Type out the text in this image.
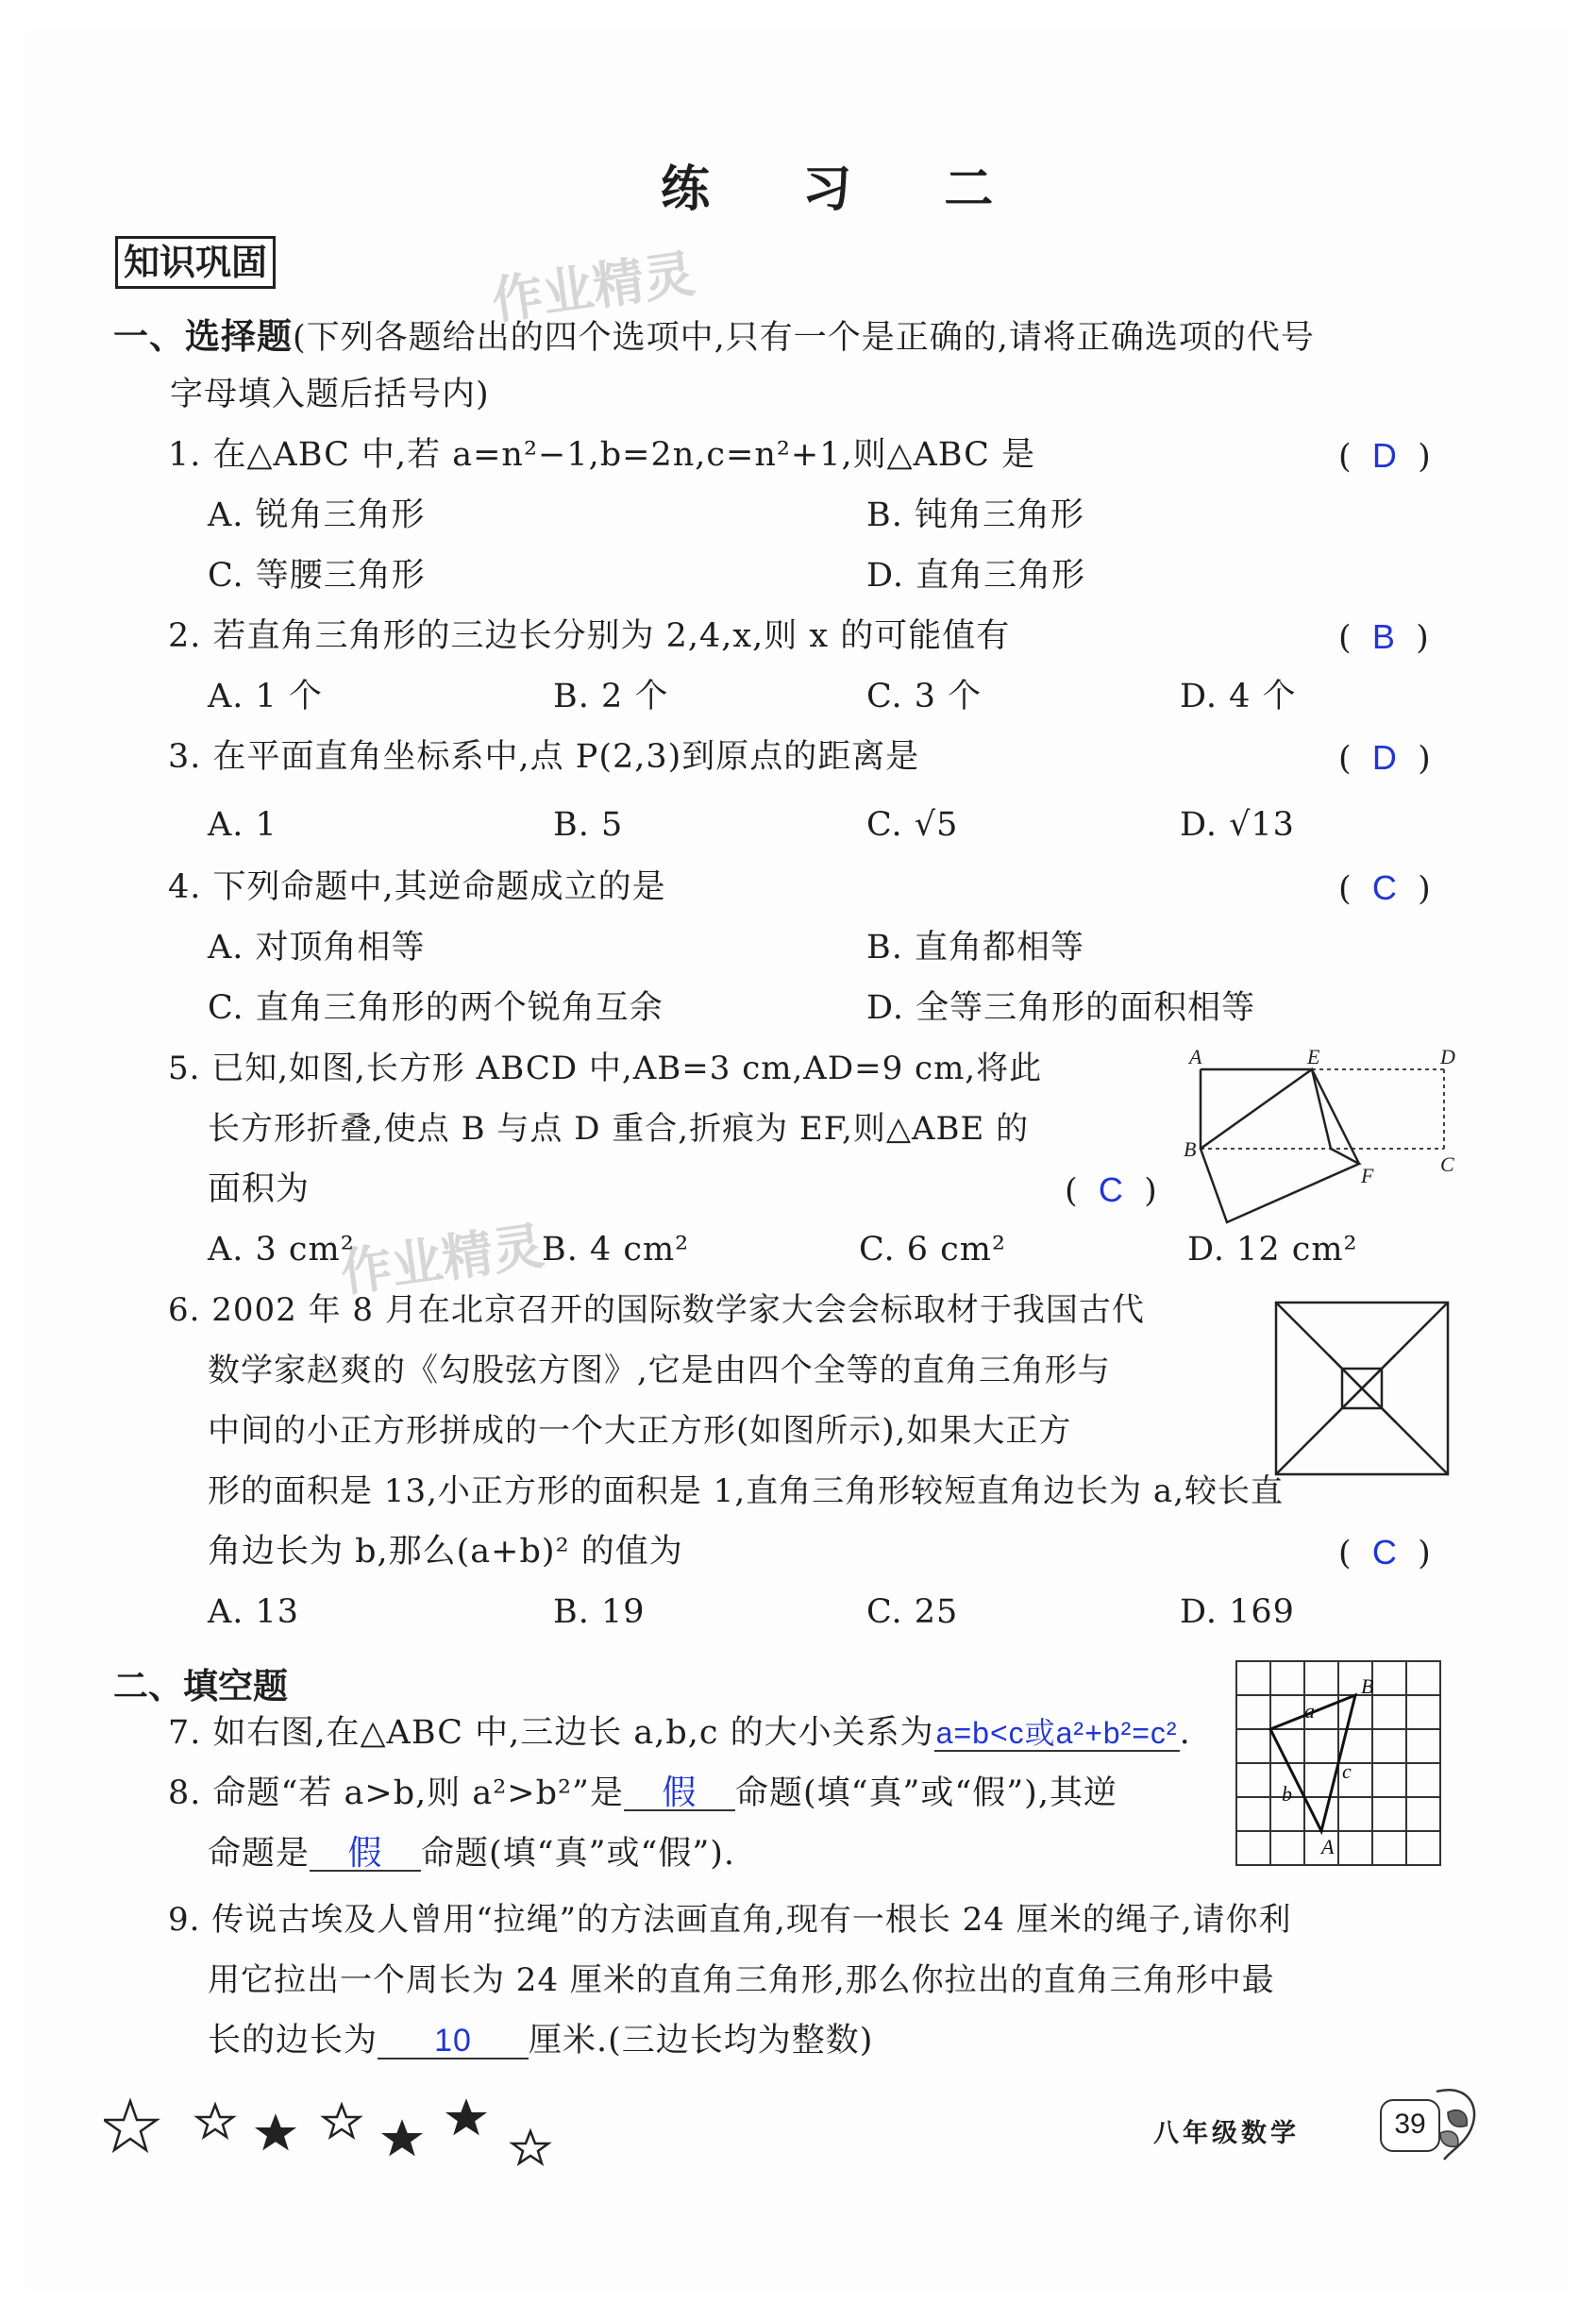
练 习 二
知识巩固	作业精灵
作业精灵
一、选择题(下列各题给出的四个选项中,只有一个是正确的,请将正确选项的代号
字母填入题后括号内)
1. 在△ABC 中,若 a=n²−1,b=2n,c=n²+1,则△ABC 是	(  D  )
A. 锐角三角形	B. 钝角三角形
C. 等腰三角形	D. 直角三角形
2. 若直角三角形的三边长分别为 2,4,x,则 x 的可能值有	(  B  )
A. 1 个	B. 2 个	C. 3 个	D. 4 个
3. 在平面直角坐标系中,点 P(2,3)到原点的距离是	(  D  )
A. 1	B. 5	C. √5	D. √13
4. 下列命题中,其逆命题成立的是	(  C  )
A. 对顶角相等	B. 直角都相等
C. 直角三角形的两个锐角互余	D. 全等三角形的面积相等
5. 已知,如图,长方形 ABCD 中,AB=3 cm,AD=9 cm,将此
长方形折叠,使点 B 与点 D 重合,折痕为 EF,则△ABE 的
面积为	(  C  )
A. 3 cm²	B. 4 cm²	C. 6 cm²	D. 12 cm²
A	E	D
B
F	C
6. 2002 年 8 月在北京召开的国际数学家大会会标取材于我国古代
数学家赵爽的《勾股弦方图》,它是由四个全等的直角三角形与
中间的小正方形拼成的一个大正方形(如图所示),如果大正方
形的面积是 13,小正方形的面积是 1,直角三角形较短直角边长为 a,较长直
角边长为 b,那么(a+b)² 的值为	(  C  )
A. 13	B. 19	C. 25	D. 169
二、填空题
7. 如右图,在△ABC 中,三边长 a,b,c 的大小关系为a=b<c或a²+b²=c².
8. 命题“若 a>b,则 a²>b²”是 假 命题(填“真”或“假”),其逆
命题是 假 命题(填“真”或“假”).
B
a
c
b
A
9. 传说古埃及人曾用“拉绳”的方法画直角,现有一根长 24 厘米的绳子,请你利
用它拉出一个周长为 24 厘米的直角三角形,那么你拉出的直角三角形中最
长的边长为 10 厘米.(三边长均为整数)
八年级数学	39
